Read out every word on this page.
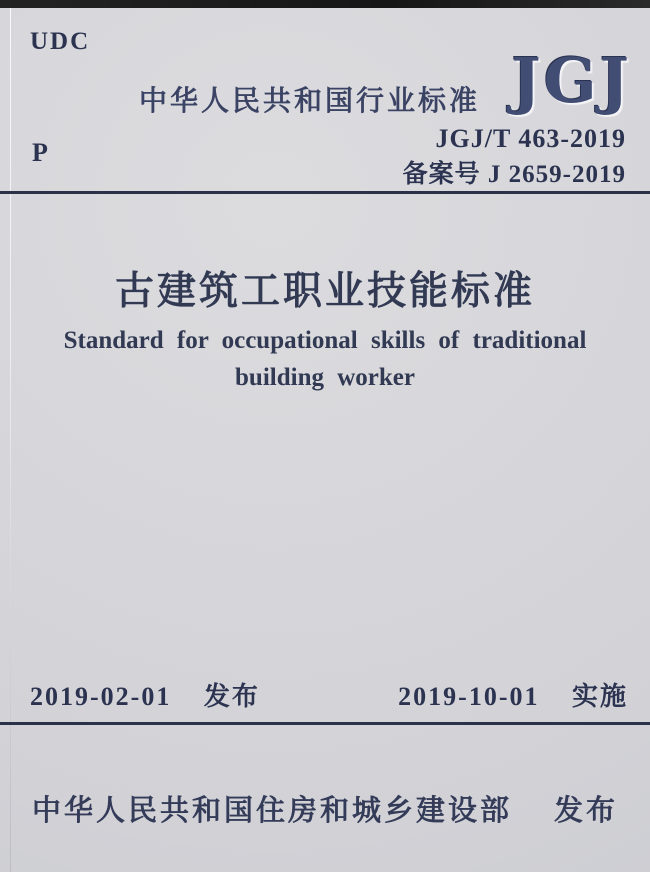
UDC
P
中华人民共和国行业标准 JGJ
JGJ/T 463-2019
备案号 J 2659-2019
古建筑工职业技能标准
Standard for occupational skills of traditional
building worker
2019-02-01 发布	2019-10-01 实施
中华人民共和国住房和城乡建设部 发布
